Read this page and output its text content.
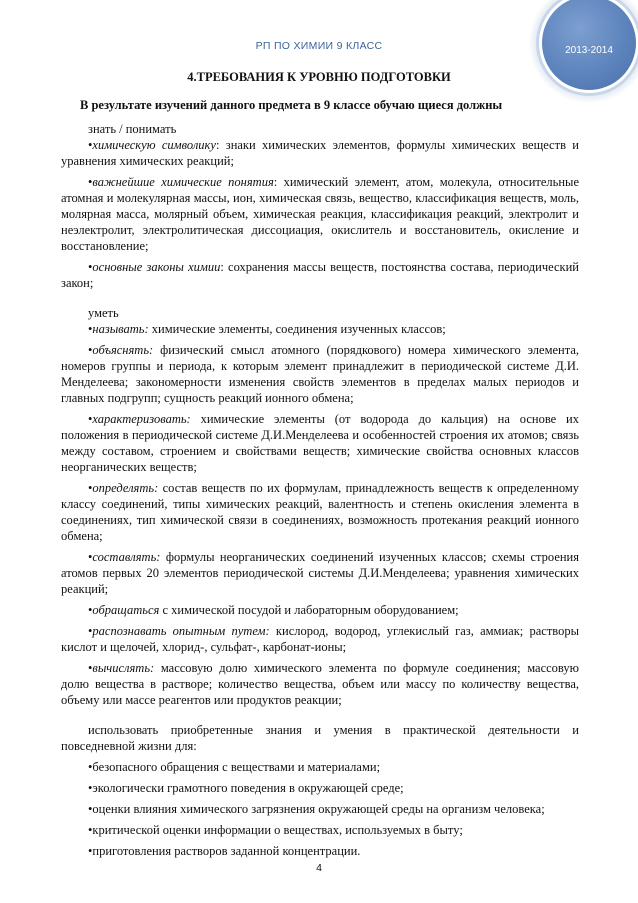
РП ПО ХИМИИ 9 КЛАСС	2013-2014
4.ТРЕБОВАНИЯ К УРОВНЮ ПОДГОТОВКИ
В результате изучений данного предмета в 9 классе обучаю щиеся должны

знать / понимать

•химическую символику: знаки химических элементов, формулы химических веществ и уравнения химических реакций;

•важнейшие химические понятия: химический элемент, атом, молекула, относительные атомная и молекулярная массы, ион, химическая связь, вещество, классификация веществ, моль, молярная масса, молярный объем, химическая реакция, классификация реакций, электролит и неэлектролит, электролитическая диссоциация, окислитель и восстановитель, окисление и восстановление;

•основные законы химии: сохранения массы веществ, постоянства состава, периодический закон;

уметь

•называть: химические элементы, соединения изученных классов;

•объяснять: физический смысл атомного (порядкового) номера химического элемента, номеров группы и периода, к которым элемент принадлежит в периодической системе Д.И. Менделеева; закономерности изменения свойств элементов в пределах малых периодов и главных подгрупп; сущность реакций ионного обмена;

•характеризовать: химические элементы (от водорода до кальция) на основе их положения в периодической системе Д.И.Менделеева и особенностей строения их атомов; связь между составом, строением и свойствами веществ; химические свойства основных классов неорганических веществ;

•определять: состав веществ по их формулам, принадлежность веществ к определенному классу соединений, типы химических реакций, валентность и степень окисления элемента в соединениях, тип химической связи в соединениях, возможность протекания реакций ионного обмена;

•составлять: формулы неорганических соединений изученных классов; схемы строения атомов первых 20 элементов периодической системы Д.И.Менделеева; уравнения химических реакций;

•обращаться с химической посудой и лабораторным оборудованием;

•распознавать опытным путем: кислород, водород, углекислый газ, аммиак; растворы кислот и щелочей, хлорид-, сульфат-, карбонат-ионы;

•вычислять: массовую долю химического элемента по формуле соединения; массовую долю вещества в растворе; количество вещества, объем или массу по количеству вещества, объему или массе реагентов или продуктов реакции;

использовать приобретенные знания и умения в практической деятельности и повседневной жизни для:

•безопасного обращения с веществами и материалами;

•экологически грамотного поведения в окружающей среде;

•оценки влияния химического загрязнения окружающей среды на организм человека;

•критической оценки информации о веществах, используемых в быту;

•приготовления растворов заданной концентрации.

4
